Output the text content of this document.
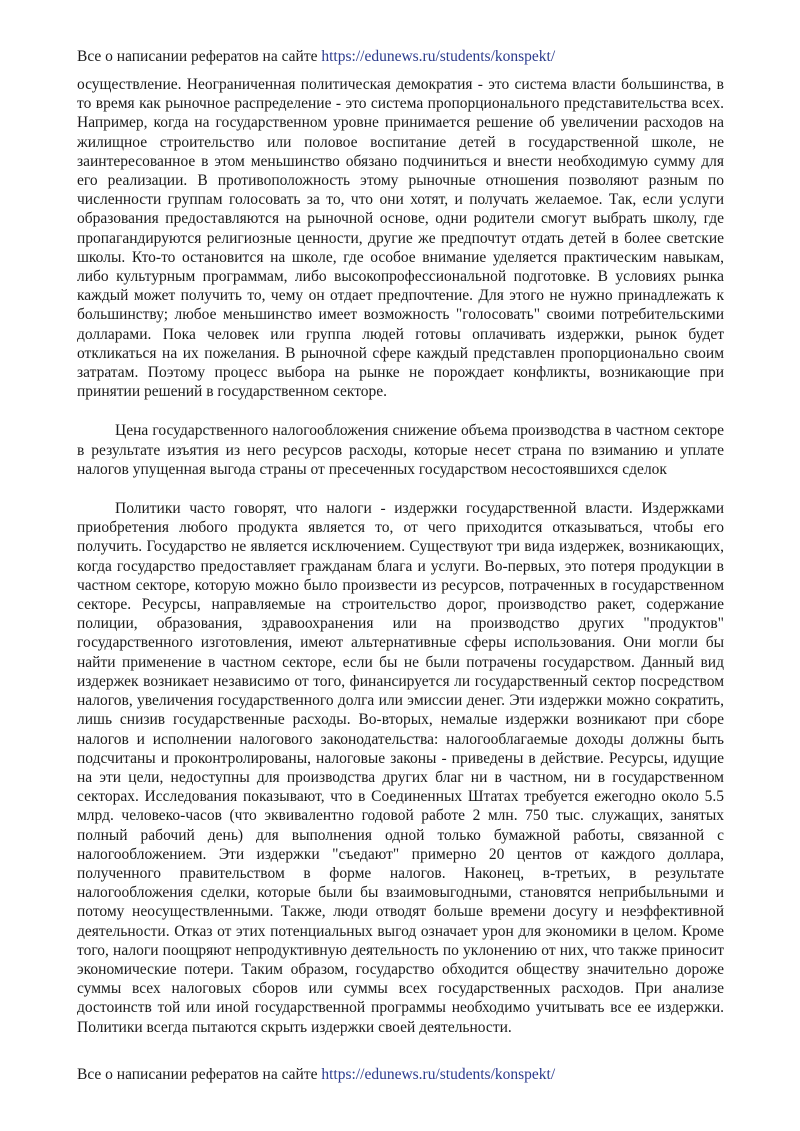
Все о написании рефератов на сайте https://edunews.ru/students/konspekt/

осуществление. Неограниченная политическая демократия - это система власти большинства, в то время как рыночное распределение - это система пропорционального представительства всех. Например, когда на государственном уровне принимается решение об увеличении расходов на жилищное строительство или половое воспитание детей в государственной школе, не заинтересованное в этом меньшинство обязано подчиниться и внести необходимую сумму для его реализации. В противоположность этому рыночные отношения позволяют разным по численности группам голосовать за то, что они хотят, и получать желаемое. Так, если услуги образования предоставляются на рыночной основе, одни родители смогут выбрать школу, где пропагандируются религиозные ценности, другие же предпочтут отдать детей в более светские школы. Кто-то остановится на школе, где особое внимание уделяется практическим навыкам, либо культурным программам, либо высокопрофессиональной подготовке. В условиях рынка каждый может получить то, чему он отдает предпочтение. Для этого не нужно принадлежать к большинству; любое меньшинство имеет возможность "голосовать" своими потребительскими долларами. Пока человек или группа людей готовы оплачивать издержки, рынок будет откликаться на их пожелания. В рыночной сфере каждый представлен пропорционально своим затратам. Поэтому процесс выбора на рынке не порождает конфликты, возникающие при принятии решений в государственном секторе.

Цена государственного налогообложения снижение объема производства в частном секторе в результате изъятия из него ресурсов расходы, которые несет страна по взиманию и уплате налогов упущенная выгода страны от пресеченных государством несостоявшихся сделок

Политики часто говорят, что налоги - издержки государственной власти. Издержками приобретения любого продукта является то, от чего приходится отказываться, чтобы его получить. Государство не является исключением. Существуют три вида издержек, возникающих, когда государство предоставляет гражданам блага и услуги. Во-первых, это потеря продукции в частном секторе, которую можно было произвести из ресурсов, потраченных в государственном секторе. Ресурсы, направляемые на строительство дорог, производство ракет, содержание полиции, образования, здравоохранения или на производство других "продуктов" государственного изготовления, имеют альтернативные сферы использования. Они могли бы найти применение в частном секторе, если бы не были потрачены государством. Данный вид издержек возникает независимо от того, финансируется ли государственный сектор посредством налогов, увеличения государственного долга или эмиссии денег. Эти издержки можно сократить, лишь снизив государственные расходы. Во-вторых, немалые издержки возникают при сборе налогов и исполнении налогового законодательства: налогооблагаемые доходы должны быть подсчитаны и проконтролированы, налоговые законы - приведены в действие. Ресурсы, идущие на эти цели, недоступны для производства других благ ни в частном, ни в государственном секторах. Исследования показывают, что в Соединенных Штатах требуется ежегодно около 5.5 млрд. человеко-часов (что эквивалентно годовой работе 2 млн. 750 тыс. служащих, занятых полный рабочий день) для выполнения одной только бумажной работы, связанной с налогообложением. Эти издержки "съедают" примерно 20 центов от каждого доллара, полученного правительством в форме налогов. Наконец, в-третьих, в результате налогообложения сделки, которые были бы взаимовыгодными, становятся неприбыльными и потому неосуществленными. Также, люди отводят больше времени досугу и неэффективной деятельности. Отказ от этих потенциальных выгод означает урон для экономики в целом. Кроме того, налоги поощряют непродуктивную деятельность по уклонению от них, что также приносит экономические потери. Таким образом, государство обходится обществу значительно дороже суммы всех налоговых сборов или суммы всех государственных расходов. При анализе достоинств той или иной государственной программы необходимо учитывать все ее издержки. Политики всегда пытаются скрыть издержки своей деятельности.

Все о написании рефератов на сайте https://edunews.ru/students/konspekt/
